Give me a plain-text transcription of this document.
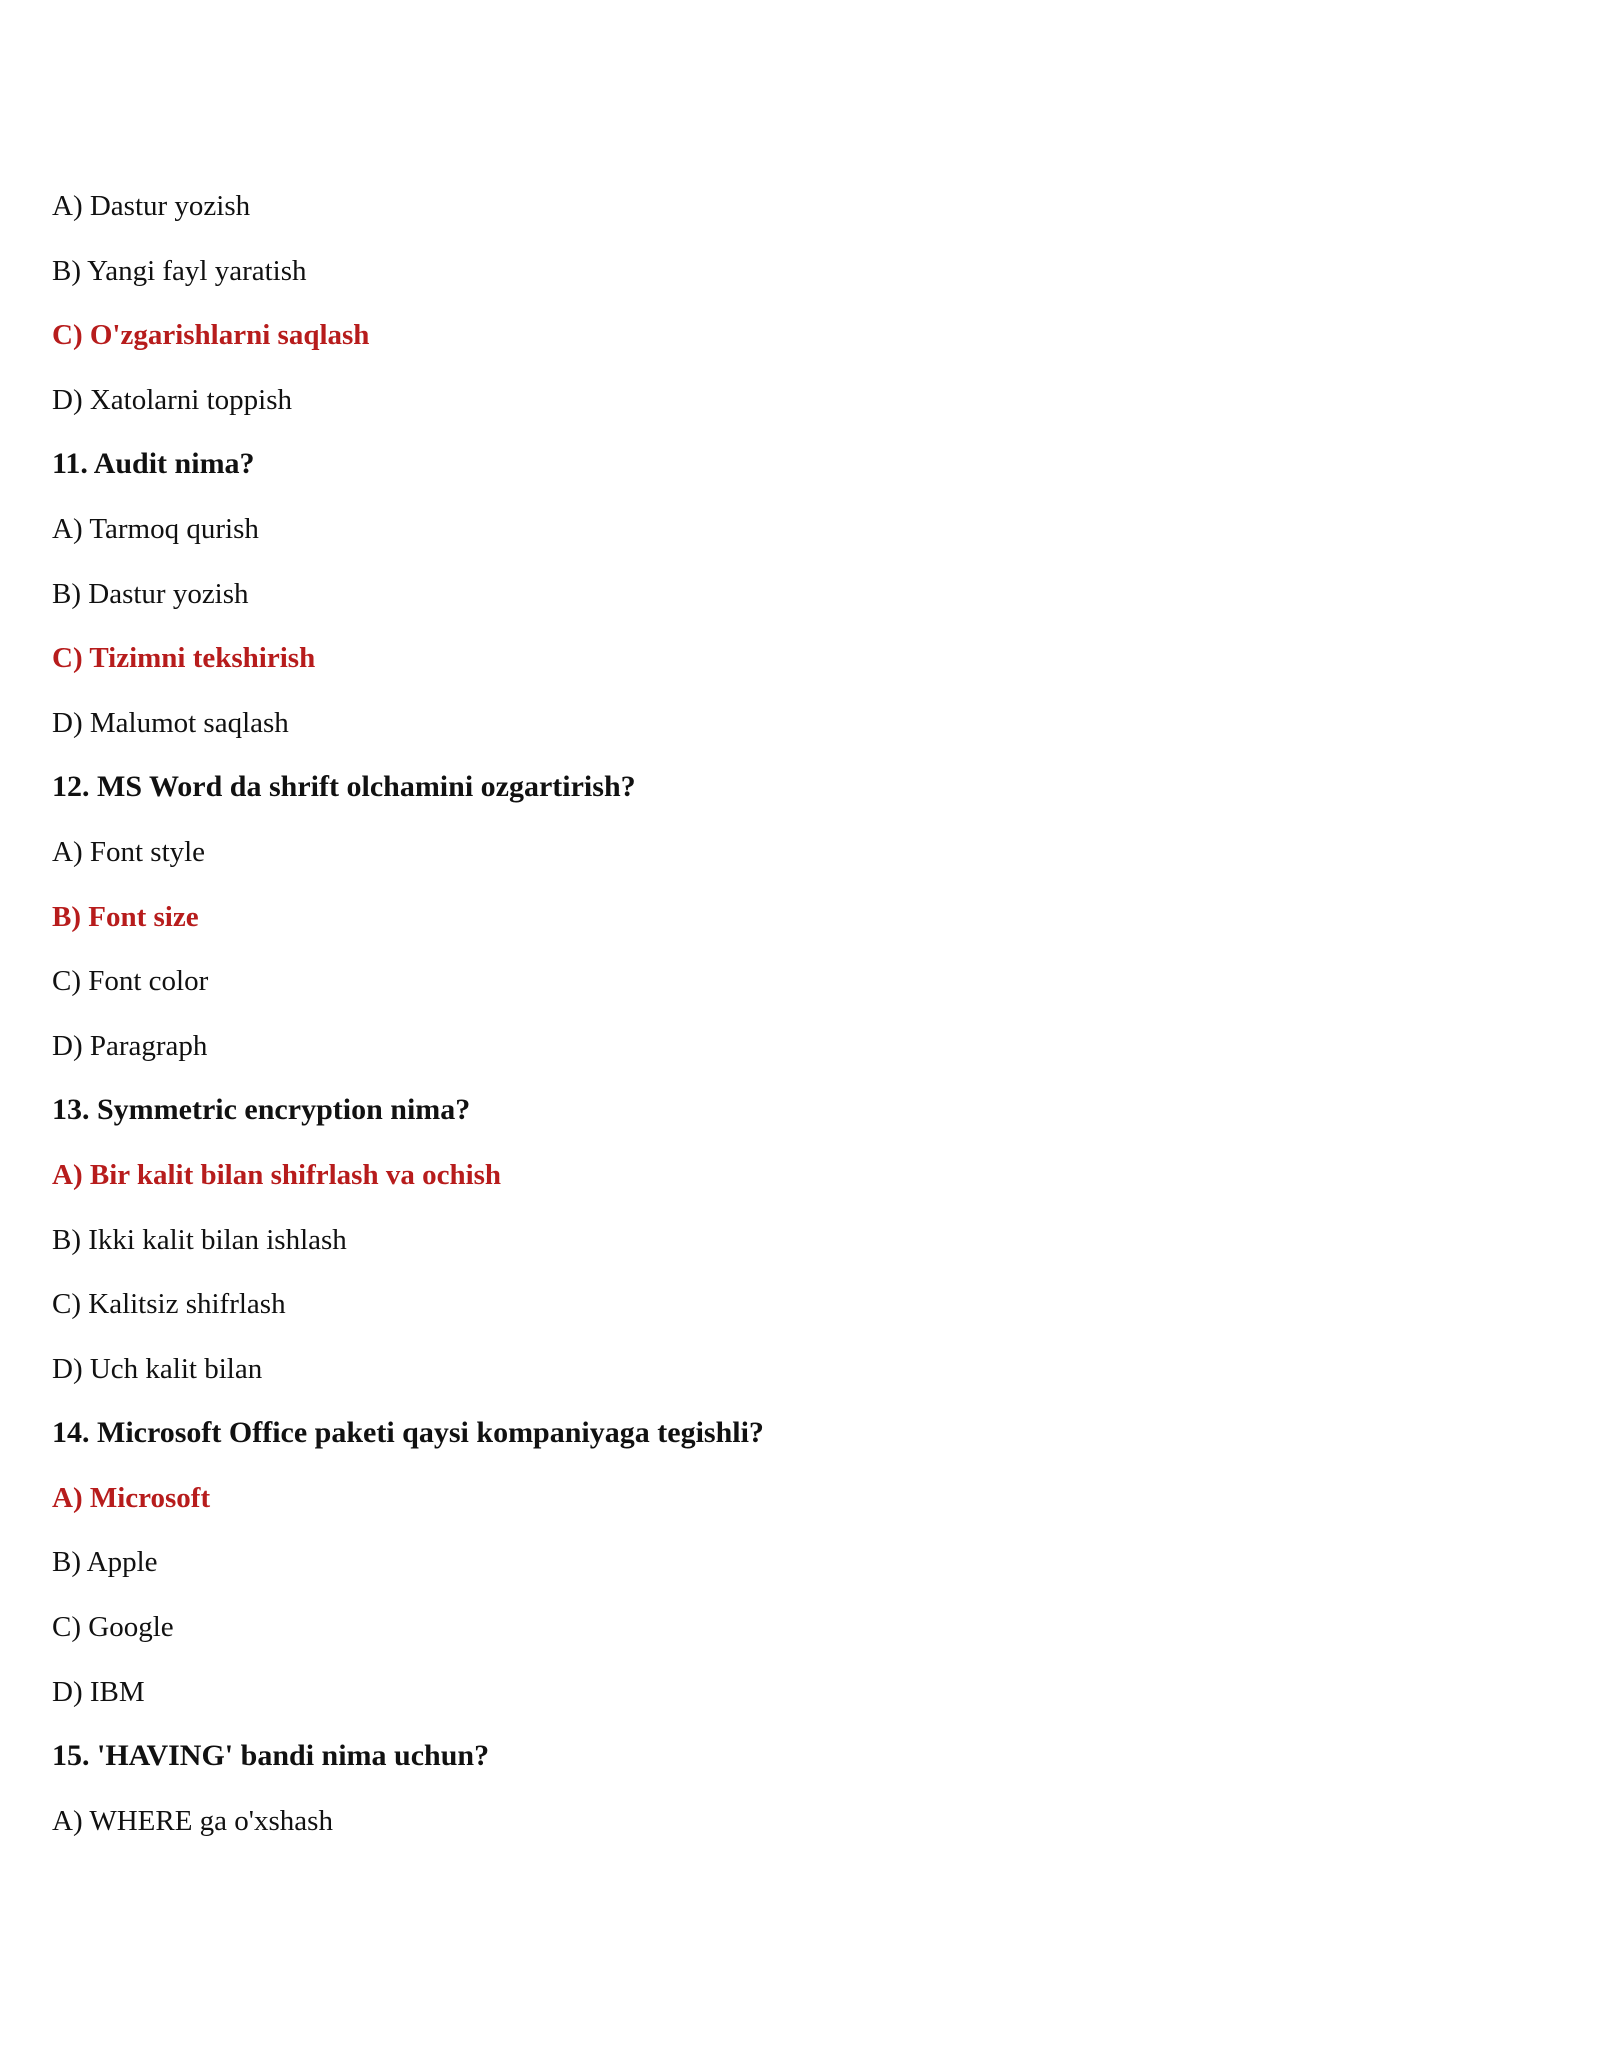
A) Dastur yozish
B) Yangi fayl yaratish
C) O'zgarishlarni saqlash
D) Xatolarni toppish
11. Audit nima?
A) Tarmoq qurish
B) Dastur yozish
C) Tizimni tekshirish
D) Malumot saqlash
12. MS Word da shrift olchamini ozgartirish?
A) Font style
B) Font size
C) Font color
D) Paragraph
13. Symmetric encryption nima?
A) Bir kalit bilan shifrlash va ochish
B) Ikki kalit bilan ishlash
C) Kalitsiz shifrlash
D) Uch kalit bilan
14. Microsoft Office paketi qaysi kompaniyaga tegishli?
A) Microsoft
B) Apple
C) Google
D) IBM
15. 'HAVING' bandi nima uchun?
A) WHERE ga o'xshash
